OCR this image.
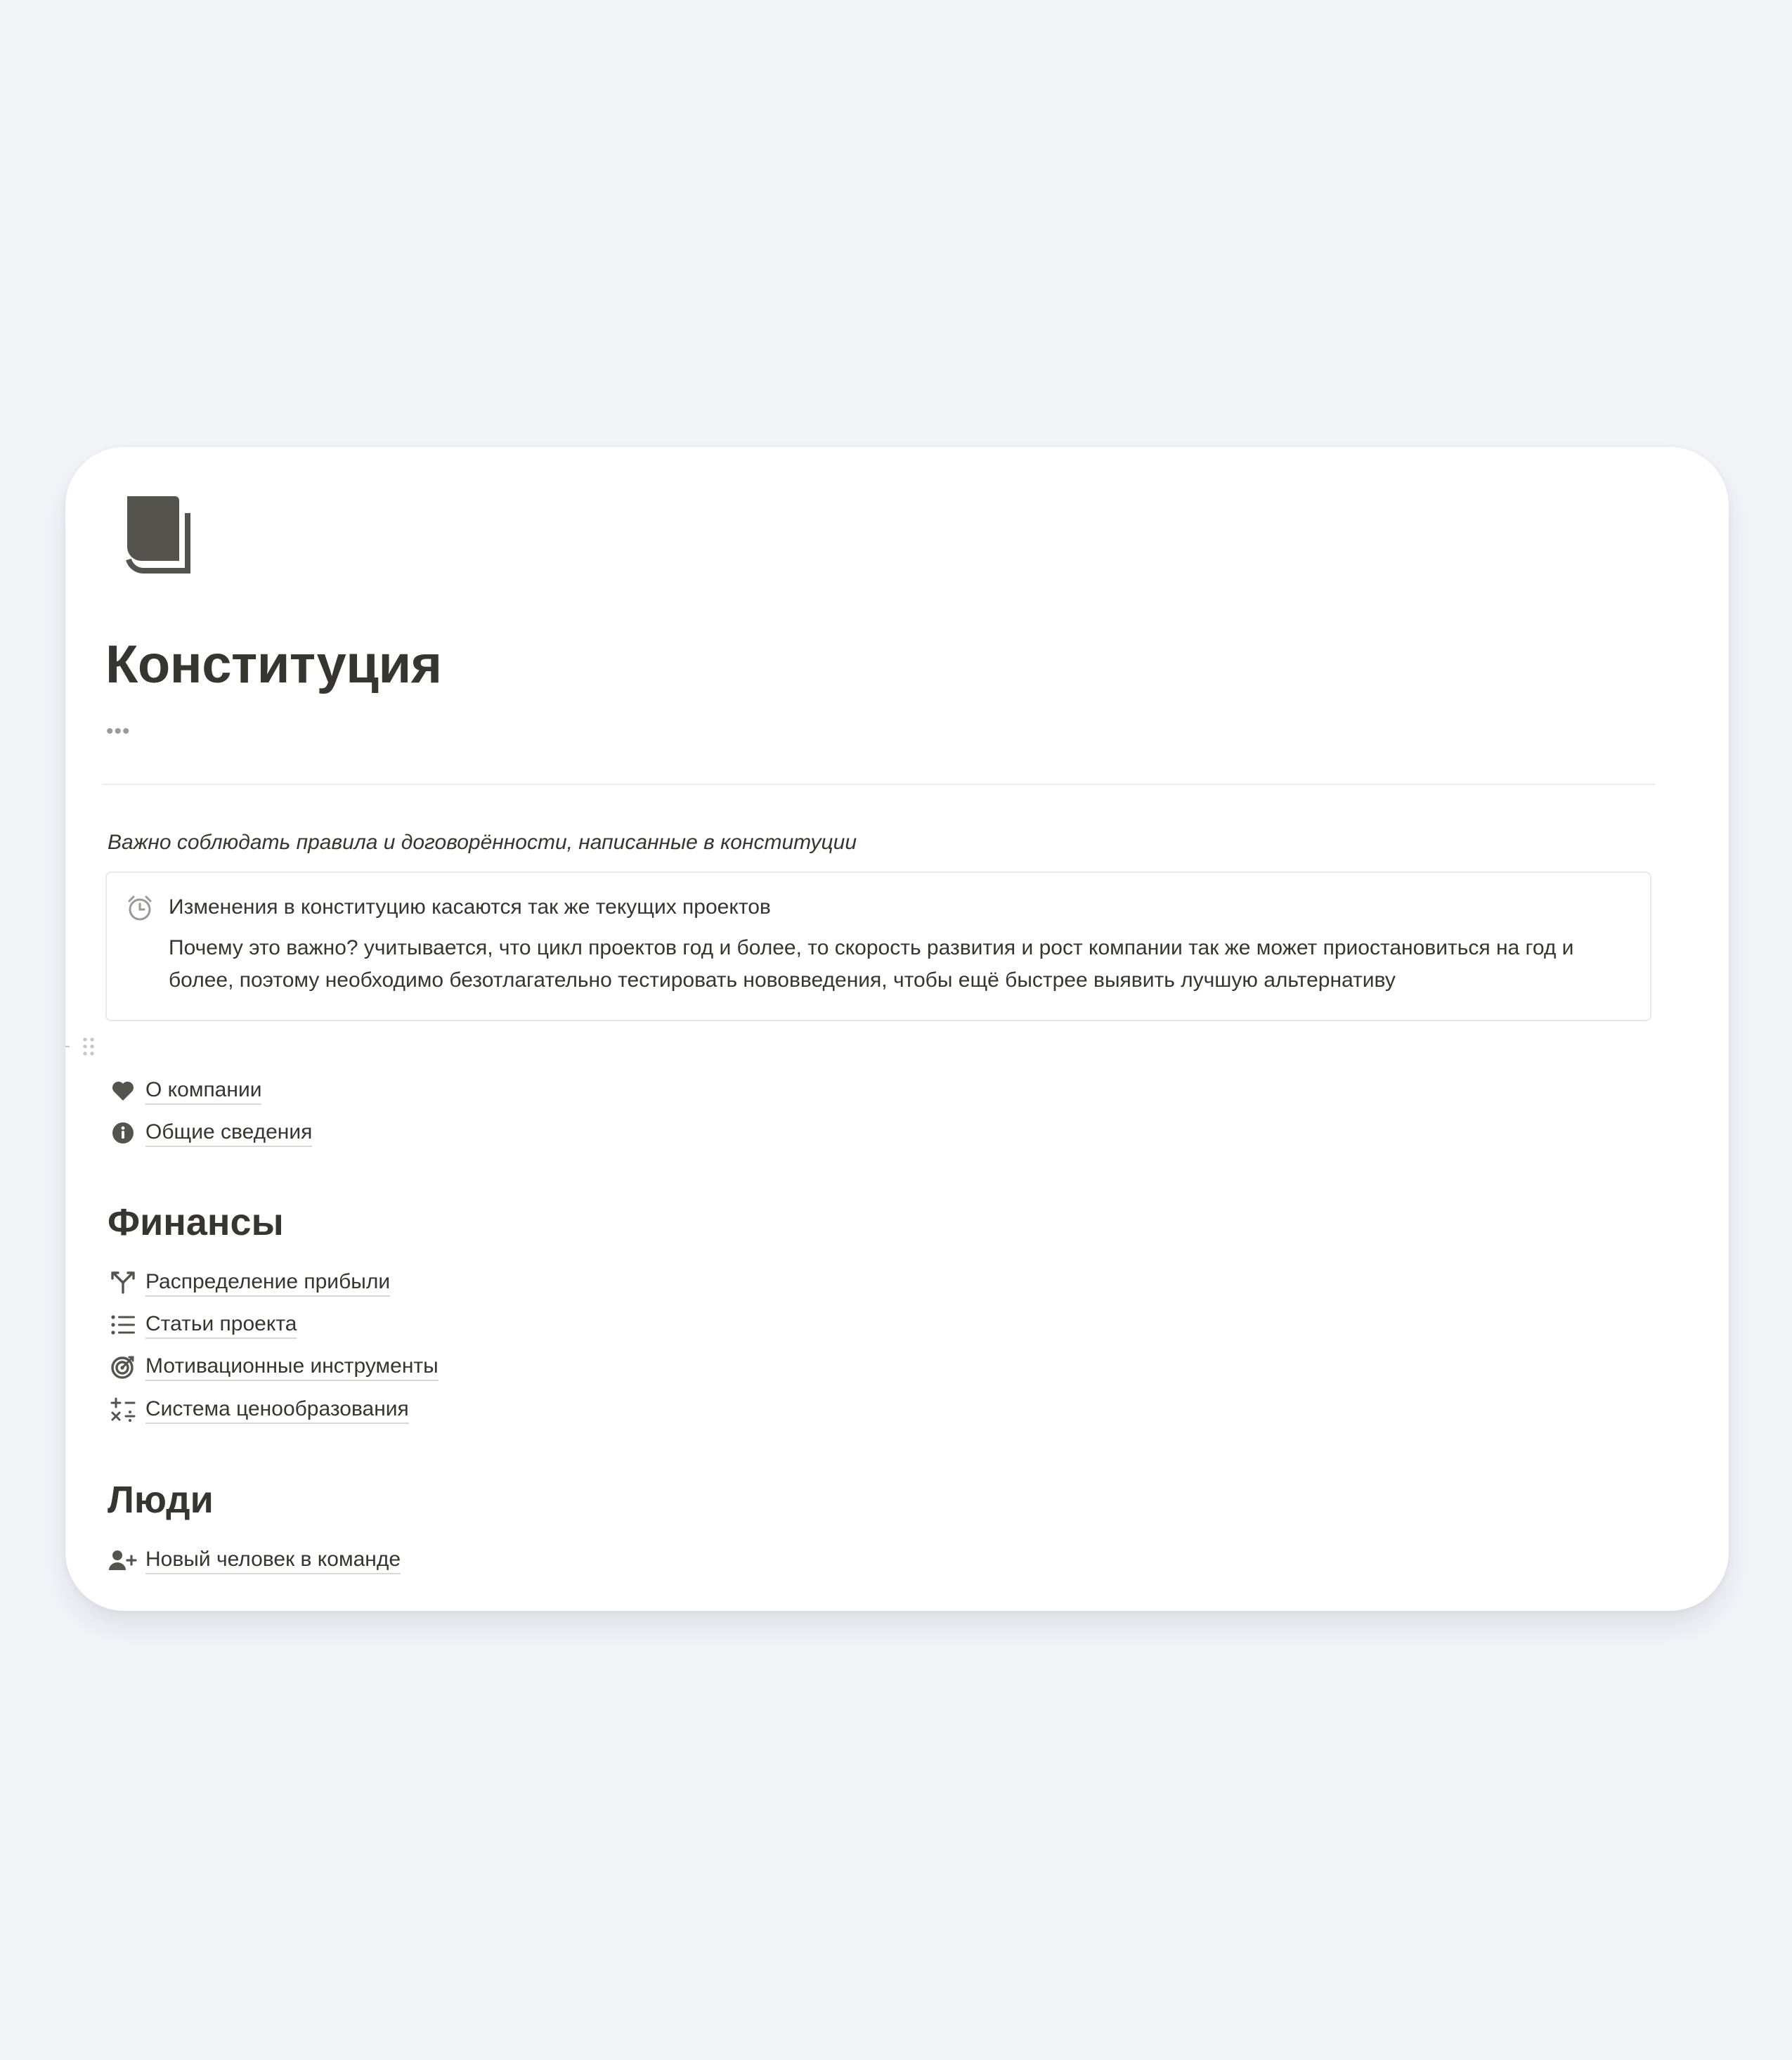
Конституция
•••
Важно соблюдать правила и договорённости, написанные в конституции
Изменения в конституцию касаются так же текущих проектов
Почему это важно? учитывается, что цикл проектов год и более, то скорость развития и рост компании так же может приостановиться на год и более, поэтому необходимо безотлагательно тестировать нововведения, чтобы ещё быстрее выявить лучшую альтернативу
О компании
Общие сведения
Финансы
Распределение прибыли
Статьи проекта
Мотивационные инструменты
Система ценообразования
Люди
Новый человек в команде
